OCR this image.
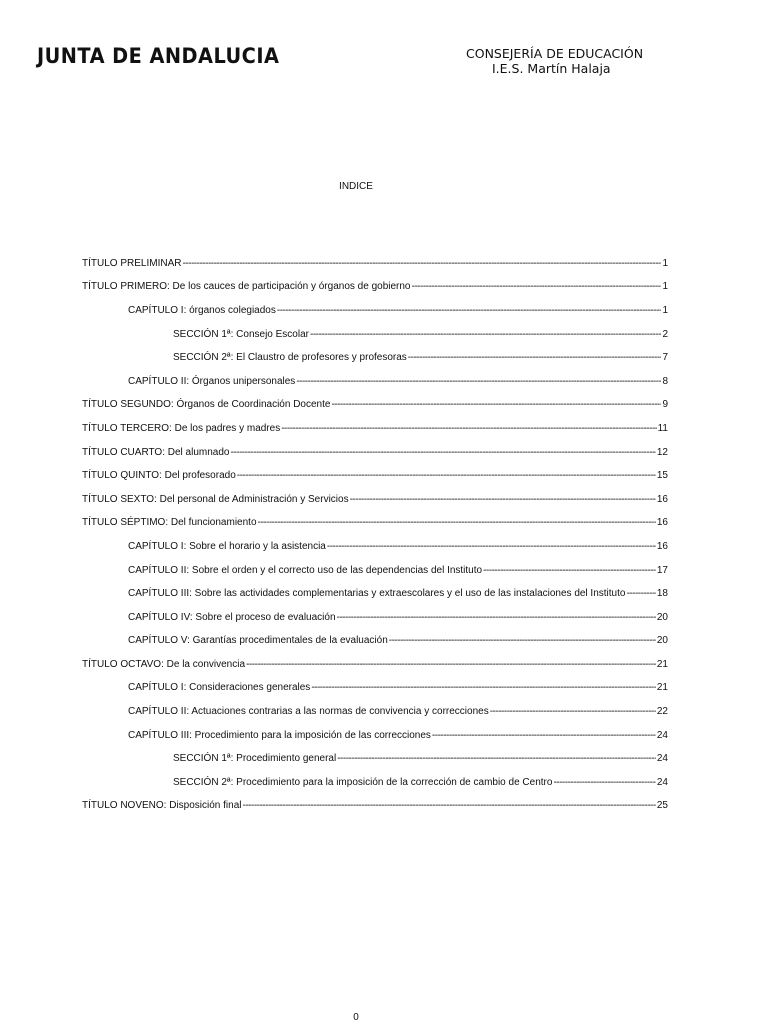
JUNTA DE ANDALUCIA	CONSEJERÍA DE EDUCACIÓN
I.E.S. Martín Halaja
INDICE
TÍTULO PRELIMINAR -----	1
TÍTULO PRIMERO: De los cauces de participación y órganos de gobierno -----	1
CAPÍTULO I: órganos colegiados -----	1
SECCIÓN 1ª: Consejo Escolar -----	2
SECCIÓN 2ª: El Claustro de profesores y profesoras -----	7
CAPÍTULO II: Órganos unipersonales -----	8
TÍTULO SEGUNDO: Órganos de Coordinación Docente -----	9
TÍTULO TERCERO: De los padres y madres -----	11
TÍTULO CUARTO: Del alumnado -----	12
TÍTULO QUINTO: Del profesorado -----	15
TÍTULO SEXTO: Del personal de Administración y Servicios -----	16
TÍTULO SÉPTIMO: Del funcionamiento -----	16
CAPÍTULO I: Sobre el horario y la asistencia -----	16
CAPÍTULO II: Sobre el orden y el correcto uso de las dependencias del Instituto -----	17
CAPÍTULO III: Sobre las actividades complementarias y extraescolares y el uso de las instalaciones del Instituto -----	18
CAPÍTULO IV: Sobre el proceso de evaluación -----	20
CAPÍTULO V: Garantías procedimentales de la evaluación -----	20
TÍTULO OCTAVO: De la convivencia -----	21
CAPÍTULO I: Consideraciones generales -----	21
CAPÍTULO II: Actuaciones contrarias a las normas de convivencia y correcciones -----	22
CAPÍTULO III: Procedimiento para la imposición de las correcciones -----	24
SECCIÓN 1ª: Procedimiento general -----	24
SECCIÓN 2ª: Procedimiento para la imposición de la corrección de cambio de Centro -----	24
TÍTULO NOVENO: Disposición final -----	25
0
